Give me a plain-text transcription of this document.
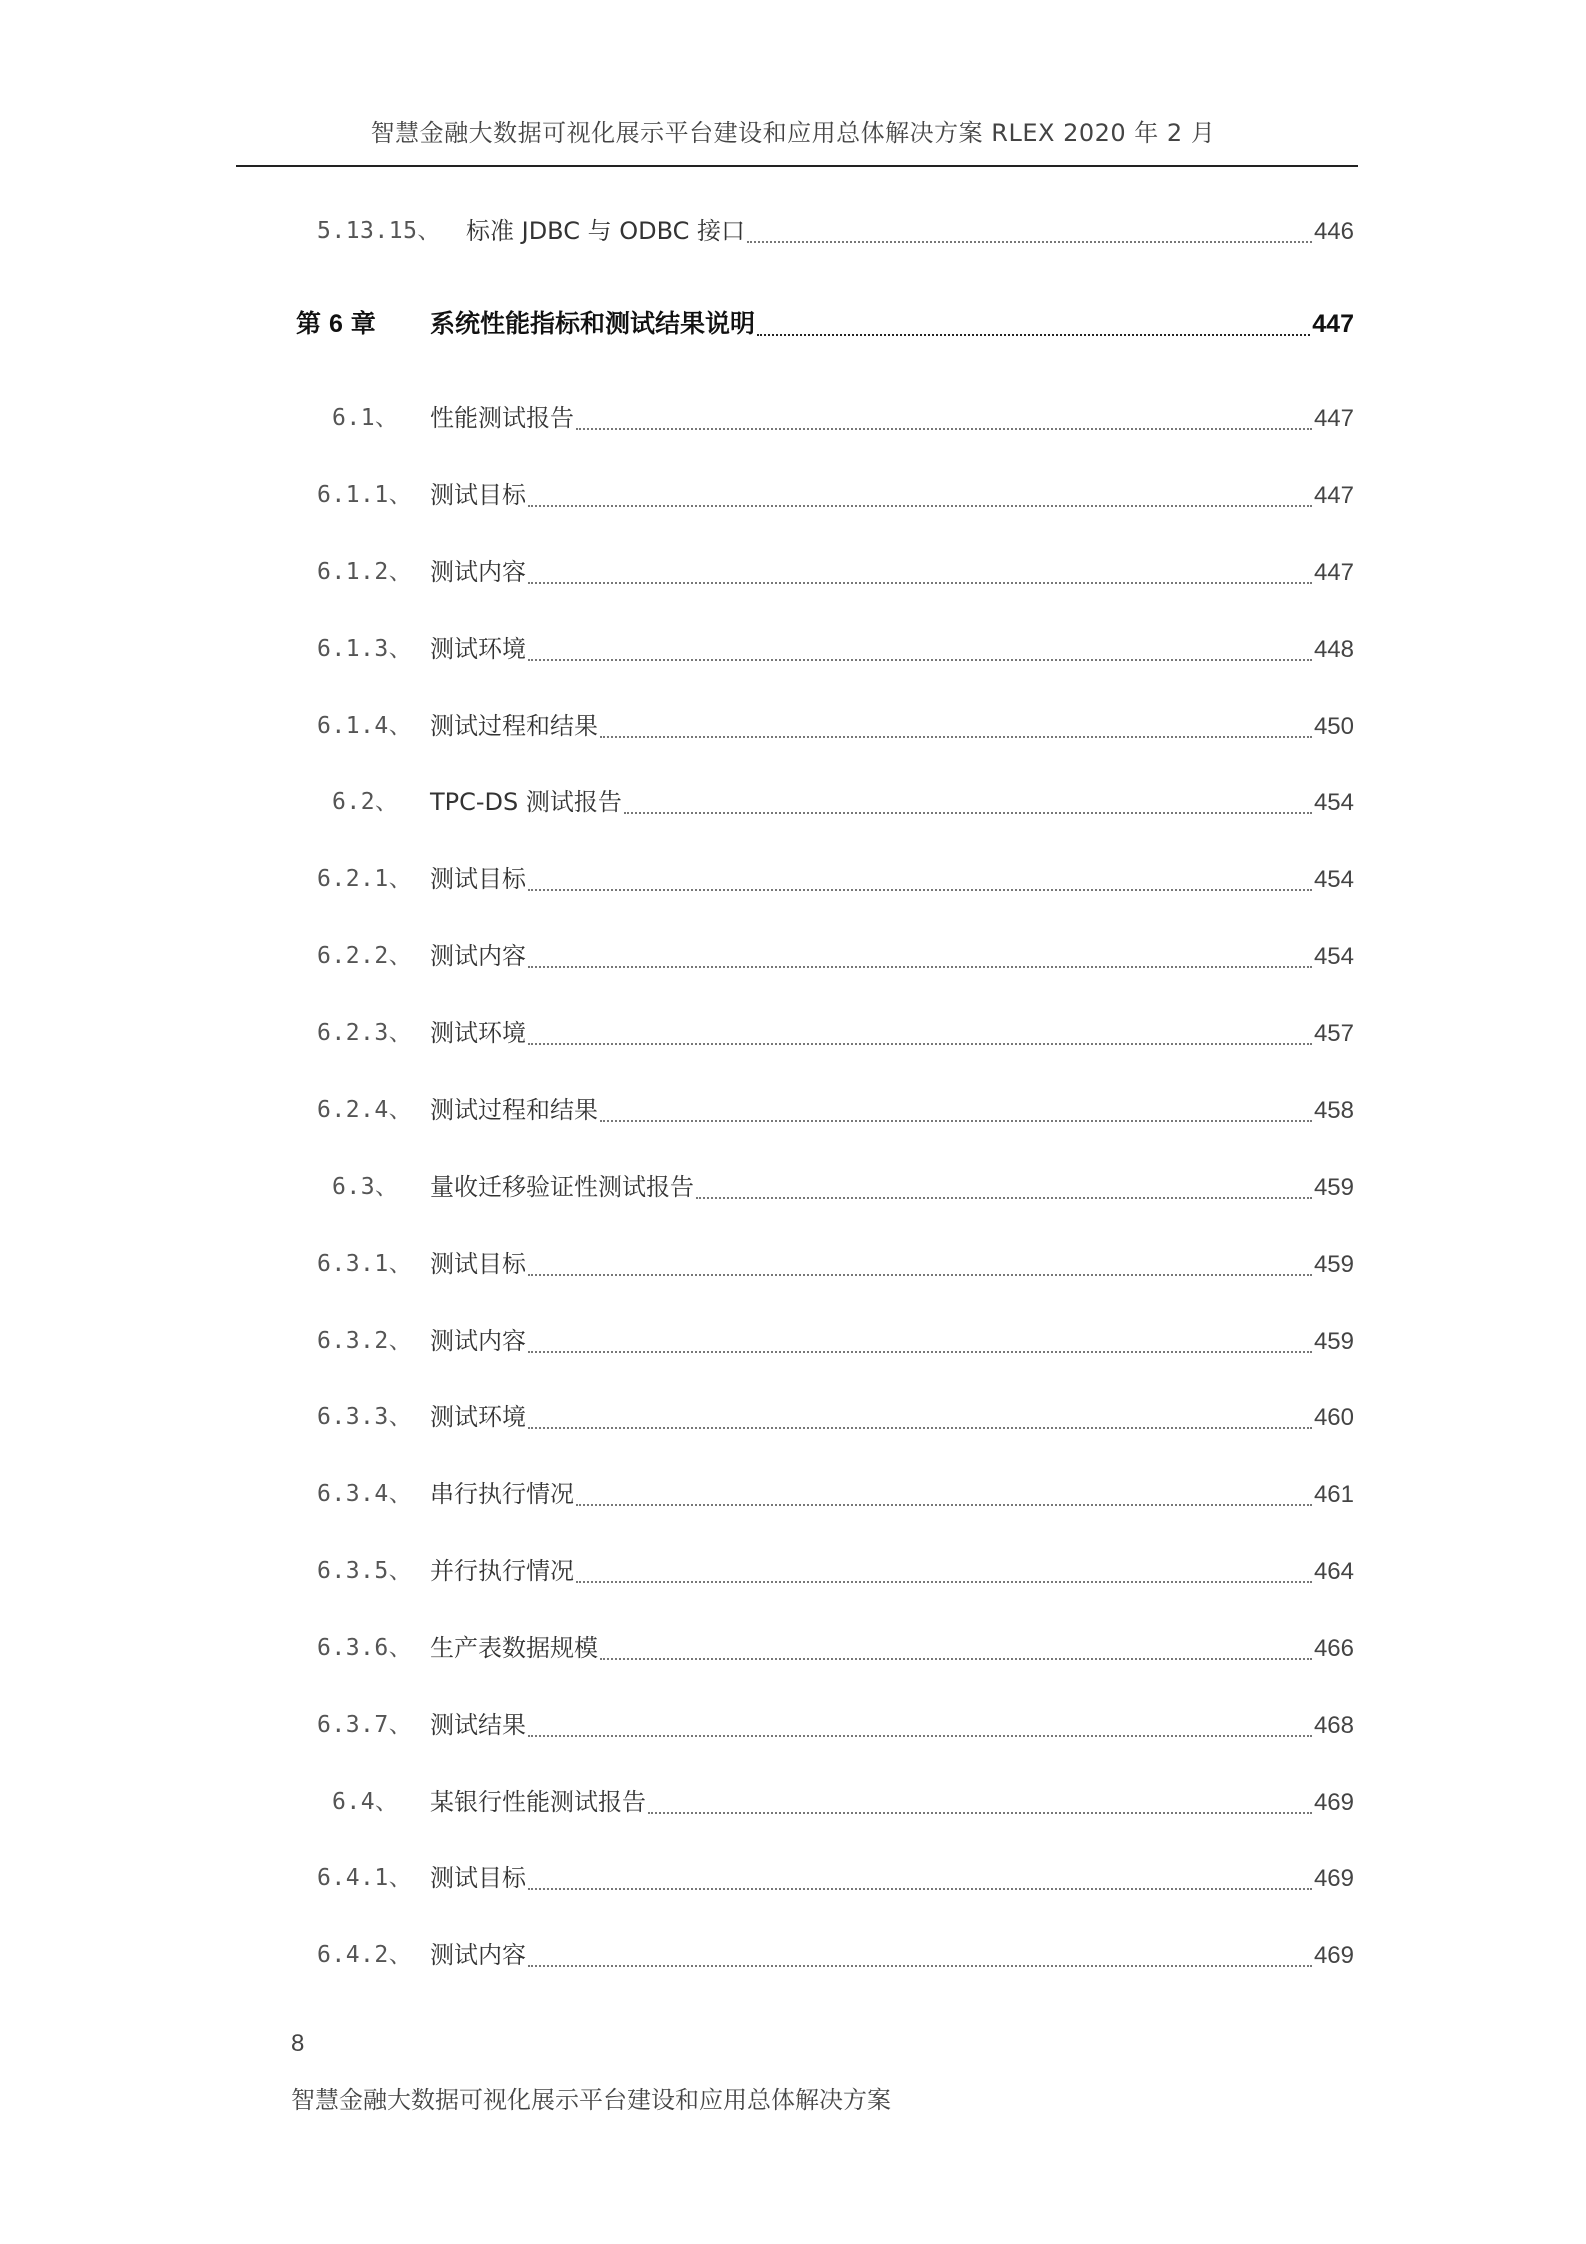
智慧金融大数据可视化展示平台建设和应用总体解决方案 RLEX 2020 年 2 月
5.13.15、 标准 JDBC 与 ODBC 接口	446
第 6 章 系统性能指标和测试结果说明	447
6.1、 性能测试报告	447
6.1.1、 测试目标	447
6.1.2、 测试内容	447
6.1.3、 测试环境	448
6.1.4、 测试过程和结果	450
6.2、 TPC-DS 测试报告	454
6.2.1、 测试目标	454
6.2.2、 测试内容	454
6.2.3、 测试环境	457
6.2.4、 测试过程和结果	458
6.3、 量收迁移验证性测试报告	459
6.3.1、 测试目标	459
6.3.2、 测试内容	459
6.3.3、 测试环境	460
6.3.4、 串行执行情况	461
6.3.5、 并行执行情况	464
6.3.6、 生产表数据规模	466
6.3.7、 测试结果	468
6.4、 某银行性能测试报告	469
6.4.1、 测试目标	469
6.4.2、 测试内容	469
8
智慧金融大数据可视化展示平台建设和应用总体解决方案
